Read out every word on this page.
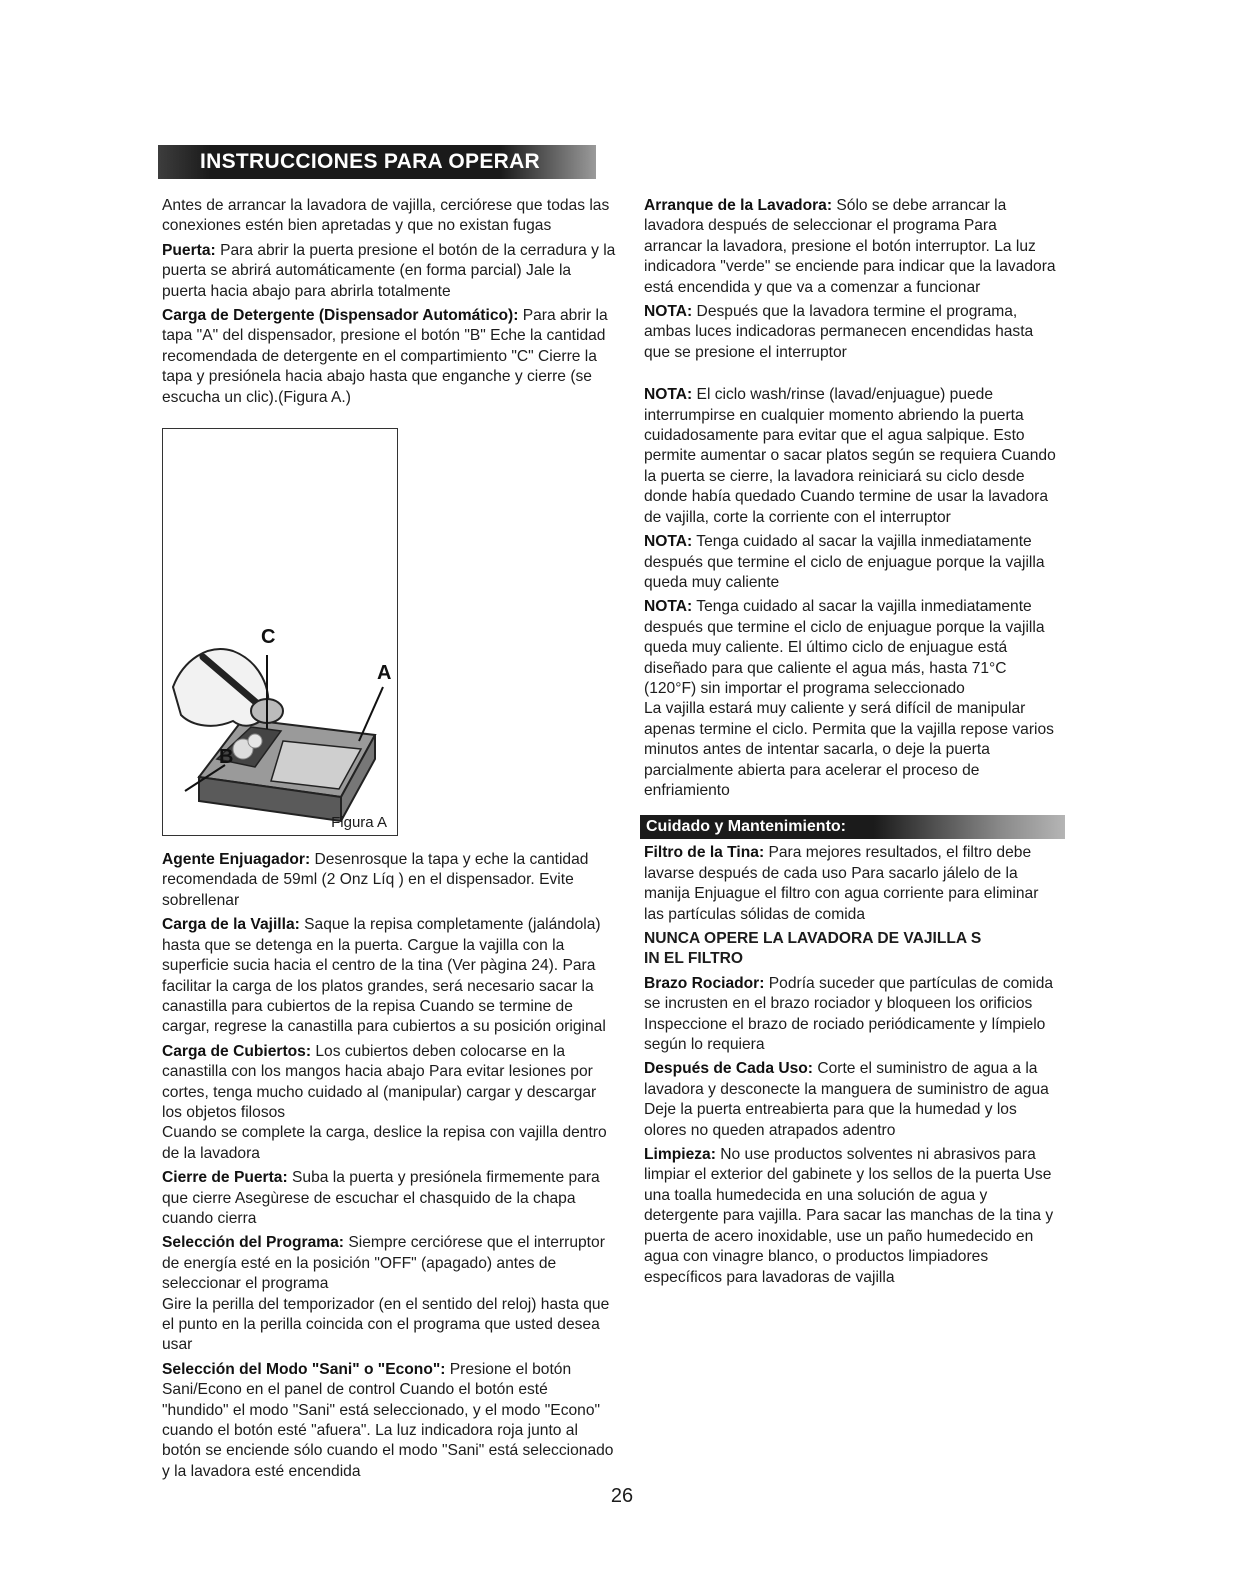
INSTRUCCIONES PARA OPERAR

Antes de arrancar la lavadora de vajilla, cerciórese que todas las conexiones estén bien apretadas y que no existan fugas

Puerta: Para abrir la puerta presione el botón de la cerradura y la puerta se abrirá automáticamente (en forma parcial) Jale la puerta hacia abajo para abrirla totalmente

Carga de Detergente (Dispensador Automático): Para abrir la tapa "A" del dispensador, presione el botón "B" Eche la cantidad recomendada de detergente en el compartimiento "C" Cierre la tapa y presiónela hacia abajo hasta que enganche y cierre (se escucha un clic).(Figura A.)

C
A
B
Figura A

Agente Enjuagador: Desenrosque la tapa y eche la cantidad recomendada de 59ml (2 Onz Líq ) en el dispensador. Evite sobrellenar

Carga de la Vajilla: Saque la repisa completamente (jalándola) hasta que se detenga en la puerta. Cargue la vajilla con la superficie sucia hacia el centro de la tina (Ver pàgina 24). Para facilitar la carga de los platos grandes, será necesario sacar la canastilla para cubiertos de la repisa Cuando se termine de cargar, regrese la canastilla para cubiertos a su posición original

Carga de Cubiertos: Los cubiertos deben colocarse en la canastilla con los mangos hacia abajo Para evitar lesiones por cortes, tenga mucho cuidado al (manipular) cargar y descargar los objetos filosos

Cuando se complete la carga, deslice la repisa con vajilla dentro de la lavadora

Cierre de Puerta: Suba la puerta y presiónela firmemente para que cierre Asegùrese de escuchar el chasquido de la chapa cuando cierra

Selección del Programa: Siempre cerciórese que el interruptor de energía esté en la posición "OFF" (apagado) antes de seleccionar el programa

Gire la perilla del temporizador (en el sentido del reloj) hasta que el punto en la perilla coincida con el programa que usted desea usar

Selección del Modo "Sani" o "Econo": Presione el botón Sani/Econo en el panel de control Cuando el botón esté "hundido" el modo "Sani" está seleccionado, y el modo "Econo" cuando el botón esté "afuera". La luz indicadora roja junto al botón se enciende sólo cuando el modo "Sani" está seleccionado y la lavadora esté encendida

Arranque de la Lavadora: Sólo se debe arrancar la lavadora después de seleccionar el programa Para arrancar la lavadora, presione el botón interruptor. La luz indicadora "verde" se enciende para indicar que la lavadora está encendida y que va a comenzar a funcionar

NOTA: Después que la lavadora termine el programa, ambas luces indicadoras permanecen encendidas hasta que se presione el interruptor

NOTA: El ciclo wash/rinse (lavad/enjuague) puede interrumpirse en cualquier momento abriendo la puerta cuidadosamente para evitar que el agua salpique. Esto permite aumentar o sacar platos según se requiera Cuando la puerta se cierre, la lavadora reiniciará su ciclo desde donde había quedado Cuando termine de usar la lavadora de vajilla, corte la corriente con el interruptor

NOTA: Tenga cuidado al sacar la vajilla inmediatamente después que termine el ciclo de enjuague porque la vajilla queda muy caliente

NOTA: Tenga cuidado al sacar la vajilla inmediatamente después que termine el ciclo de enjuague porque la vajilla queda muy caliente. El último ciclo de enjuague está diseñado para que caliente el agua más, hasta 71°C (120°F) sin importar el programa seleccionado

La vajilla estará muy caliente y será difícil de manipular apenas termine el ciclo. Permita que la vajilla repose varios minutos antes de intentar sacarla, o deje la puerta parcialmente abierta para acelerar el proceso de enfriamiento

Cuidado y Mantenimiento:

Filtro de la Tina: Para mejores resultados, el filtro debe lavarse después de cada uso Para sacarlo jálelo de la manija Enjuague el filtro con agua corriente para eliminar las partículas sólidas de comida

NUNCA OPERE LA LAVADORA DE VAJILLA S
IN EL FILTRO

Brazo Rociador: Podría suceder que partículas de comida se incrusten en el brazo rociador y bloqueen los orificios Inspeccione el brazo de rociado periódicamente y límpielo según lo requiera

Después de Cada Uso: Corte el suministro de agua a la lavadora y desconecte la manguera de suministro de agua Deje la puerta entreabierta para que la humedad y los olores no queden atrapados adentro

Limpieza: No use productos solventes ni abrasivos para limpiar el exterior del gabinete y los sellos de la puerta Use una toalla humedecida en una solución de agua y detergente para vajilla. Para sacar las manchas de la tina y puerta de acero inoxidable, use un paño humedecido en agua con vinagre blanco, o productos limpiadores específicos para lavadoras de vajilla

26
